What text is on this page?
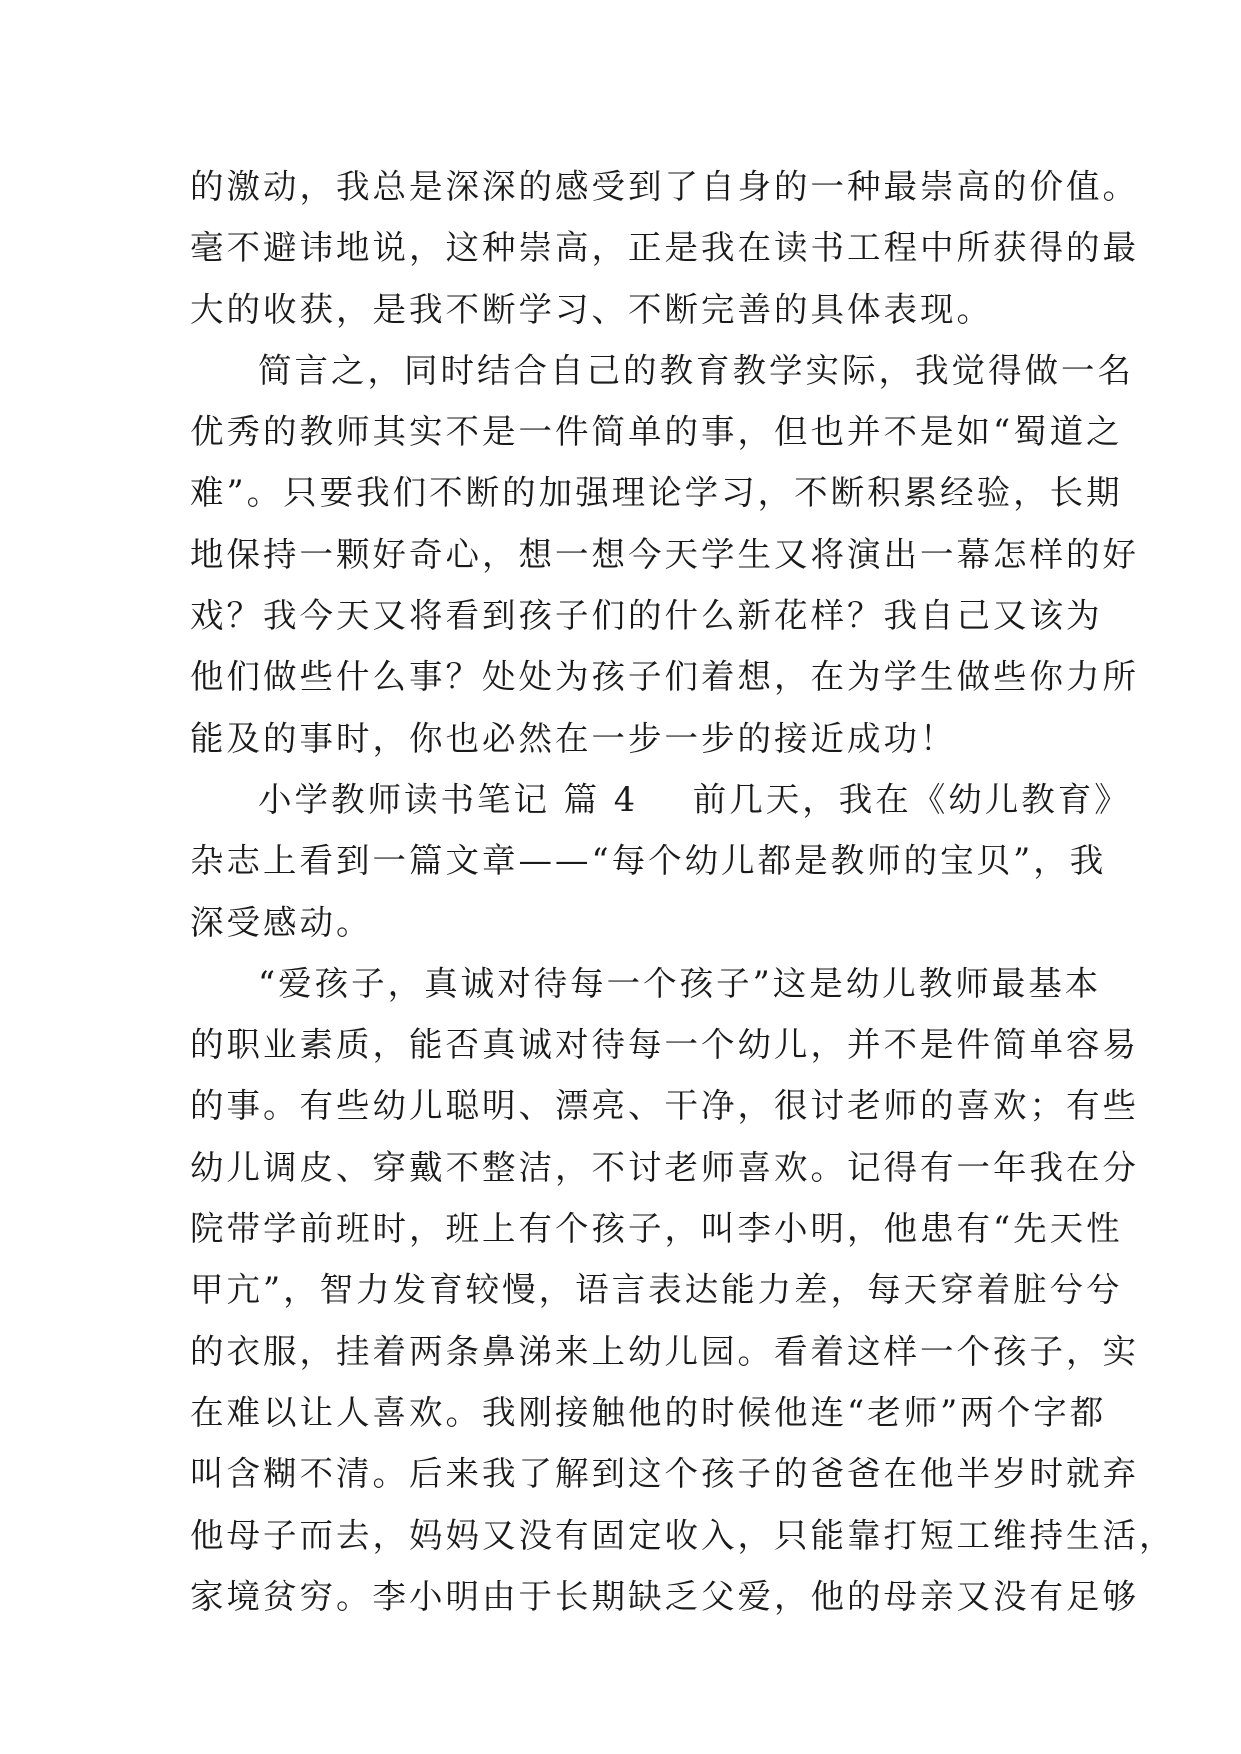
的激动，我总是深深的感受到了自身的一种最崇高的价值。
毫不避讳地说，这种崇高，正是我在读书工程中所获得的最
大的收获，是我不断学习、不断完善的具体表现。
简言之，同时结合自己的教育教学实际，我觉得做一名
优秀的教师其实不是一件简单的事，但也并不是如“蜀道之
难”。只要我们不断的加强理论学习，不断积累经验，长期
地保持一颗好奇心，想一想今天学生又将演出一幕怎样的好
戏？我今天又将看到孩子们的什么新花样？我自己又该为
他们做些什么事？处处为孩子们着想，在为学生做些你力所
能及的事时，你也必然在一步一步的接近成功！
小学教师读书笔记 篇 4    前几天，我在《幼儿教育》
杂志上看到一篇文章——“每个幼儿都是教师的宝贝”，我
深受感动。
“爱孩子，真诚对待每一个孩子”这是幼儿教师最基本
的职业素质，能否真诚对待每一个幼儿，并不是件简单容易
的事。有些幼儿聪明、漂亮、干净，很讨老师的喜欢；有些
幼儿调皮、穿戴不整洁，不讨老师喜欢。记得有一年我在分
院带学前班时，班上有个孩子，叫李小明，他患有“先天性
甲亢”，智力发育较慢，语言表达能力差，每天穿着脏兮兮
的衣服，挂着两条鼻涕来上幼儿园。看着这样一个孩子，实
在难以让人喜欢。我刚接触他的时候他连“老师”两个字都
叫含糊不清。后来我了解到这个孩子的爸爸在他半岁时就弃
他母子而去，妈妈又没有固定收入，只能靠打短工维持生活，
家境贫穷。李小明由于长期缺乏父爱，他的母亲又没有足够
